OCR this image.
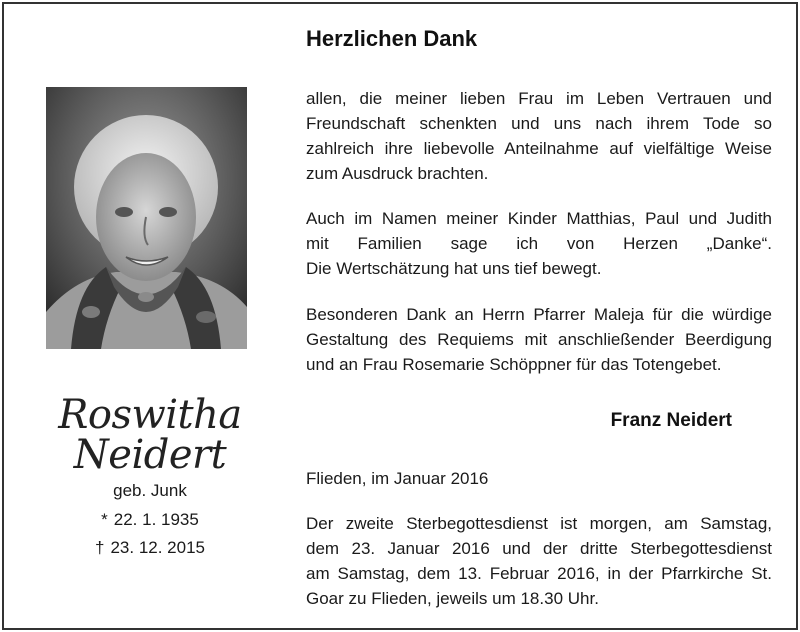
Roswitha
Neidert
geb. Junk
* 22. 1. 1935
† 23. 12. 2015
Herzlichen Dank
allen, die meiner lieben Frau im Leben Vertrauen und
Freundschaft schenkten und uns nach ihrem Tode so
zahlreich ihre liebevolle Anteilnahme auf vielfältige Weise
zum Ausdruck brachten.
Auch im Namen meiner Kinder Matthias, Paul und Judith
mit Familien sage ich von Herzen „Danke“.
Die Wertschätzung hat uns tief bewegt.
Besonderen Dank an Herrn Pfarrer Maleja für die würdige
Gestaltung des Requiems mit anschließender Beerdigung
und an Frau Rosemarie Schöppner für das Totengebet.
Franz Neidert
Flieden, im Januar 2016
Der zweite Sterbegottesdienst ist morgen, am Samstag,
dem 23. Januar 2016 und der dritte Sterbegottesdienst
am Samstag, dem 13. Februar 2016, in der Pfarrkirche St.
Goar zu Flieden, jeweils um 18.30 Uhr.
